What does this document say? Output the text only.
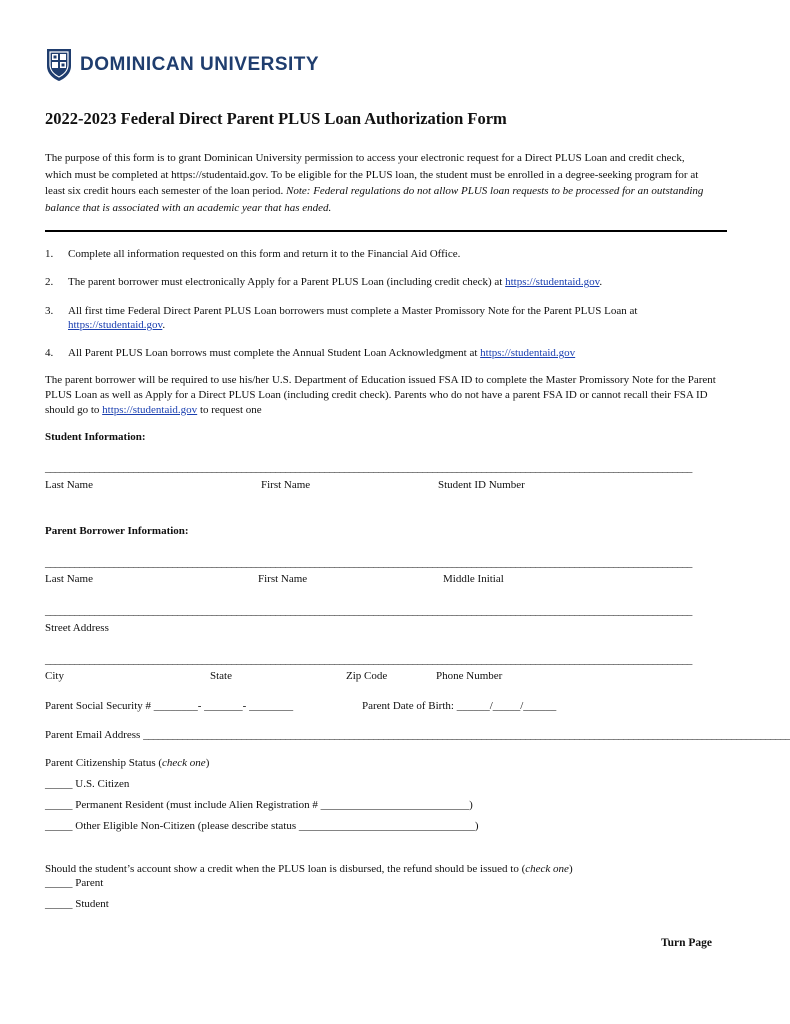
DOMINICAN UNIVERSITY
2022-2023 Federal Direct Parent PLUS Loan Authorization Form
The purpose of this form is to grant Dominican University permission to access your electronic request for a Direct PLUS Loan and credit check, which must be completed at https://studentaid.gov. To be eligible for the PLUS loan, the student must be enrolled in a degree-seeking program for at least six credit hours each semester of the loan period. Note: Federal regulations do not allow PLUS loan requests to be processed for an outstanding balance that is associated with an academic year that has ended.
1. Complete all information requested on this form and return it to the Financial Aid Office.
2. The parent borrower must electronically Apply for a Parent PLUS Loan (including credit check) at https://studentaid.gov.
3. All first time Federal Direct Parent PLUS Loan borrowers must complete a Master Promissory Note for the Parent PLUS Loan at https://studentaid.gov.
4. All Parent PLUS Loan borrows must complete the Annual Student Loan Acknowledgment at https://studentaid.gov
The parent borrower will be required to use his/her U.S. Department of Education issued FSA ID to complete the Master Promissory Note for the Parent PLUS Loan as well as Apply for a Direct PLUS Loan (including credit check). Parents who do not have a parent FSA ID or cannot recall their FSA ID should go to https://studentaid.gov to request one
Student Information:
____________________________________________________________________________________________________________________________________
Last Name	First Name	Student ID Number
Parent Borrower Information:
____________________________________________________________________________________________________________________________________
Last Name	First Name	Middle Initial
____________________________________________________________________________________________________________________________________
Street Address
____________________________________________________________________________________________________________________________________
City	State	Zip Code	Phone Number
Parent Social Security # ________- _______- ________	Parent Date of Birth: ______/_____/______
Parent Email Address ____________________________________________________________________________________________________________________________________
Parent Citizenship Status (check one)
_____ U.S. Citizen
_____ Permanent Resident (must include Alien Registration # ___________________________)
_____ Other Eligible Non-Citizen (please describe status ________________________________)
Should the student’s account show a credit when the PLUS loan is disbursed, the refund should be issued to (check one)
_____ Parent
_____ Student
Turn Page
